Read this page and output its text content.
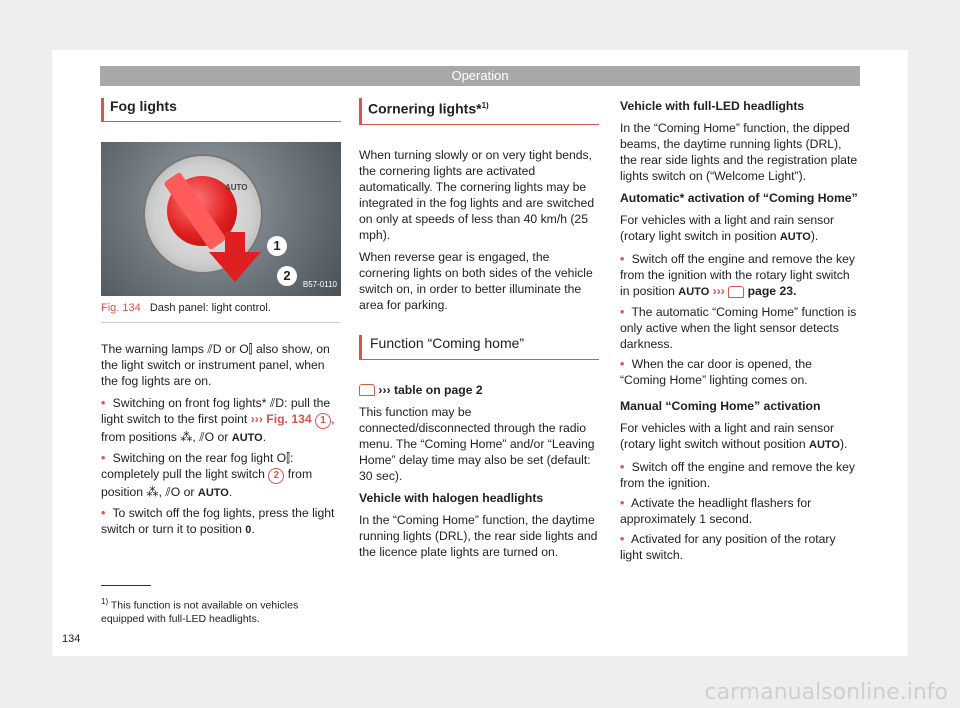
Operation
Fog lights
AUTO
1
2
B57-0110
Fig. 134 Dash panel: light control.

The warning lamps ⫽D or O⫿ also show, on the light switch or instrument panel, when the fog lights are on.

• Switching on front fog lights* ⫽D: pull the light switch to the first point ››› Fig. 134 1 , from positions ⁂, ⫽O or AUTO.
• Switching on the rear fog light O⫿: completely pull the light switch 2 from position ⁂, ⫽O or AUTO.
• To switch off the fog lights, press the light switch or turn it to position 0.
Cornering lights*$^{1)}$

When turning slowly or on very tight bends, the cornering lights are activated automatically. The cornering lights may be integrated in the fog lights and are switched on only at speeds of less than 40 km/h (25 mph).

When reverse gear is engaged, the cornering lights on both sides of the vehicle switch on, in order to better illuminate the area for parking.

Function “Coming home”

››› table on page 2

This function may be connected/disconnected through the radio menu. The “Coming Home” and/or “Leaving Home” delay time may also be set (default: 30 sec).

Vehicle with halogen headlights

In the “Coming Home” function, the daytime running lights (DRL), the rear side lights and the licence plate lights are turned on.

Vehicle with full-LED headlights

In the “Coming Home” function, the dipped beams, the daytime running lights (DRL), the rear side lights and the registration plate lights switch on (“Welcome Light”).

Automatic* activation of “Coming Home”

For vehicles with a light and rain sensor (rotary light switch in position AUTO).

• Switch off the engine and remove the key from the ignition with the rotary light switch in position AUTO ››› page 23.
• The automatic “Coming Home” function is only active when the light sensor detects darkness.
• When the car door is opened, the “Coming Home” lighting comes on.

Manual “Coming Home” activation

For vehicles with a light and rain sensor (rotary light switch without position AUTO).

• Switch off the engine and remove the key from the ignition.
• Activate the headlight flashers for approximately 1 second.
• Activated for any position of the rotary light switch.
$^{1)}$ This function is not available on vehicles equipped with full-LED headlights.
134
carmanualsonline.info
